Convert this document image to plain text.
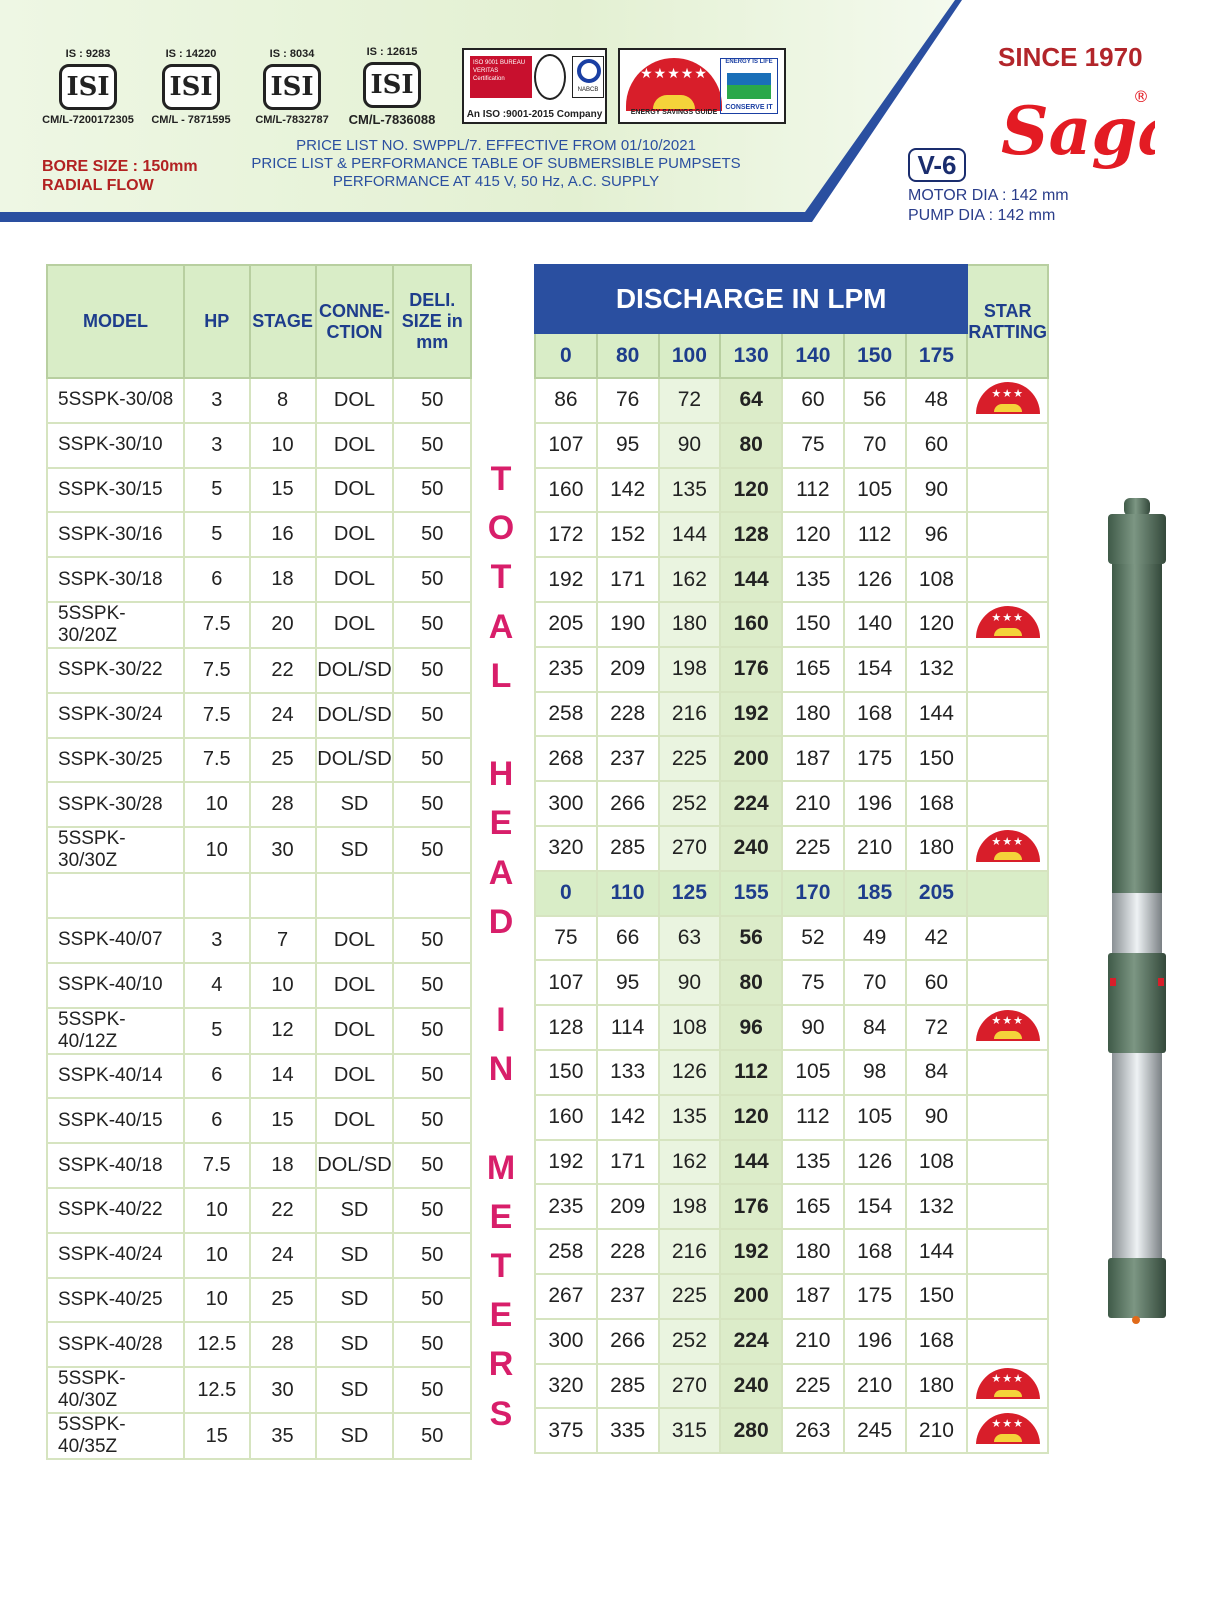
IS : 9283
ISI
CM/L-7200172305
IS : 14220
ISI
CM/L - 7871595
IS : 8034
ISI
CM/L-7832787
IS : 12615
ISI
CM/L-7836088
ISO 9001 BUREAU VERITAS Certification
NABCB
An ISO :9001-2015 Company
★★★★★
ENERGY SAVINGS GUIDE
ENERGY IS LIFE
CONSERVE IT
BORE SIZE : 150mm
RADIAL FLOW
PRICE LIST NO. SWPPL/7. EFFECTIVE FROM 01/10/2021
PRICE LIST & PERFORMANCE TABLE OF SUBMERSIBLE PUMPSETS
PERFORMANCE AT 415 V, 50 Hz, A.C. SUPPLY
SINCE 1970
Sag
®
V-6
MOTOR DIA : 142 mm
PUMP DIA : 142 mm
MODEL	HP	STAGE	CONNE- CTION	DELI. SIZE in mm
5SSPK-30/08	3	8	DOL	50
SSPK-30/10	3	10	DOL	50
SSPK-30/15	5	15	DOL	50
SSPK-30/16	5	16	DOL	50
SSPK-30/18	6	18	DOL	50
5SSPK-30/20Z	7.5	20	DOL	50
SSPK-30/22	7.5	22	DOL/SD	50
SSPK-30/24	7.5	24	DOL/SD	50
SSPK-30/25	7.5	25	DOL/SD	50
SSPK-30/28	10	28	SD	50
5SSPK-30/30Z	10	30	SD	50

SSPK-40/07	3	7	DOL	50
SSPK-40/10	4	10	DOL	50
5SSPK-40/12Z	5	12	DOL	50
SSPK-40/14	6	14	DOL	50
SSPK-40/15	6	15	DOL	50
SSPK-40/18	7.5	18	DOL/SD	50
SSPK-40/22	10	22	SD	50
SSPK-40/24	10	24	SD	50
SSPK-40/25	10	25	SD	50
SSPK-40/28	12.5	28	SD	50
5SSPK-40/30Z	12.5	30	SD	50
5SSPK-40/35Z	15	35	SD	50
T
O
T
A
L
H
E
A
D
I
N
M
E
T
E
R
S
DISCHARGE IN LPM							STAR RATTING
0	80	100	130	140	150	175	
86	76	72	64	60	56	48	★★★

107	95	90	80	75	70	60	
160	142	135	120	112	105	90	
172	152	144	128	120	112	96	
192	171	162	144	135	126	108	
205	190	180	160	150	140	120	★★★

235	209	198	176	165	154	132	
258	228	216	192	180	168	144	
268	237	225	200	187	175	150	
300	266	252	224	210	196	168	
320	285	270	240	225	210	180	★★★

0	110	125	155	170	185	205	
75	66	63	56	52	49	42	
107	95	90	80	75	70	60	
128	114	108	96	90	84	72	★★★

150	133	126	112	105	98	84	
160	142	135	120	112	105	90	
192	171	162	144	135	126	108	
235	209	198	176	165	154	132	
258	228	216	192	180	168	144	
267	237	225	200	187	175	150	
300	266	252	224	210	196	168	
320	285	270	240	225	210	180	★★★

375	335	315	280	263	245	210	★★★
